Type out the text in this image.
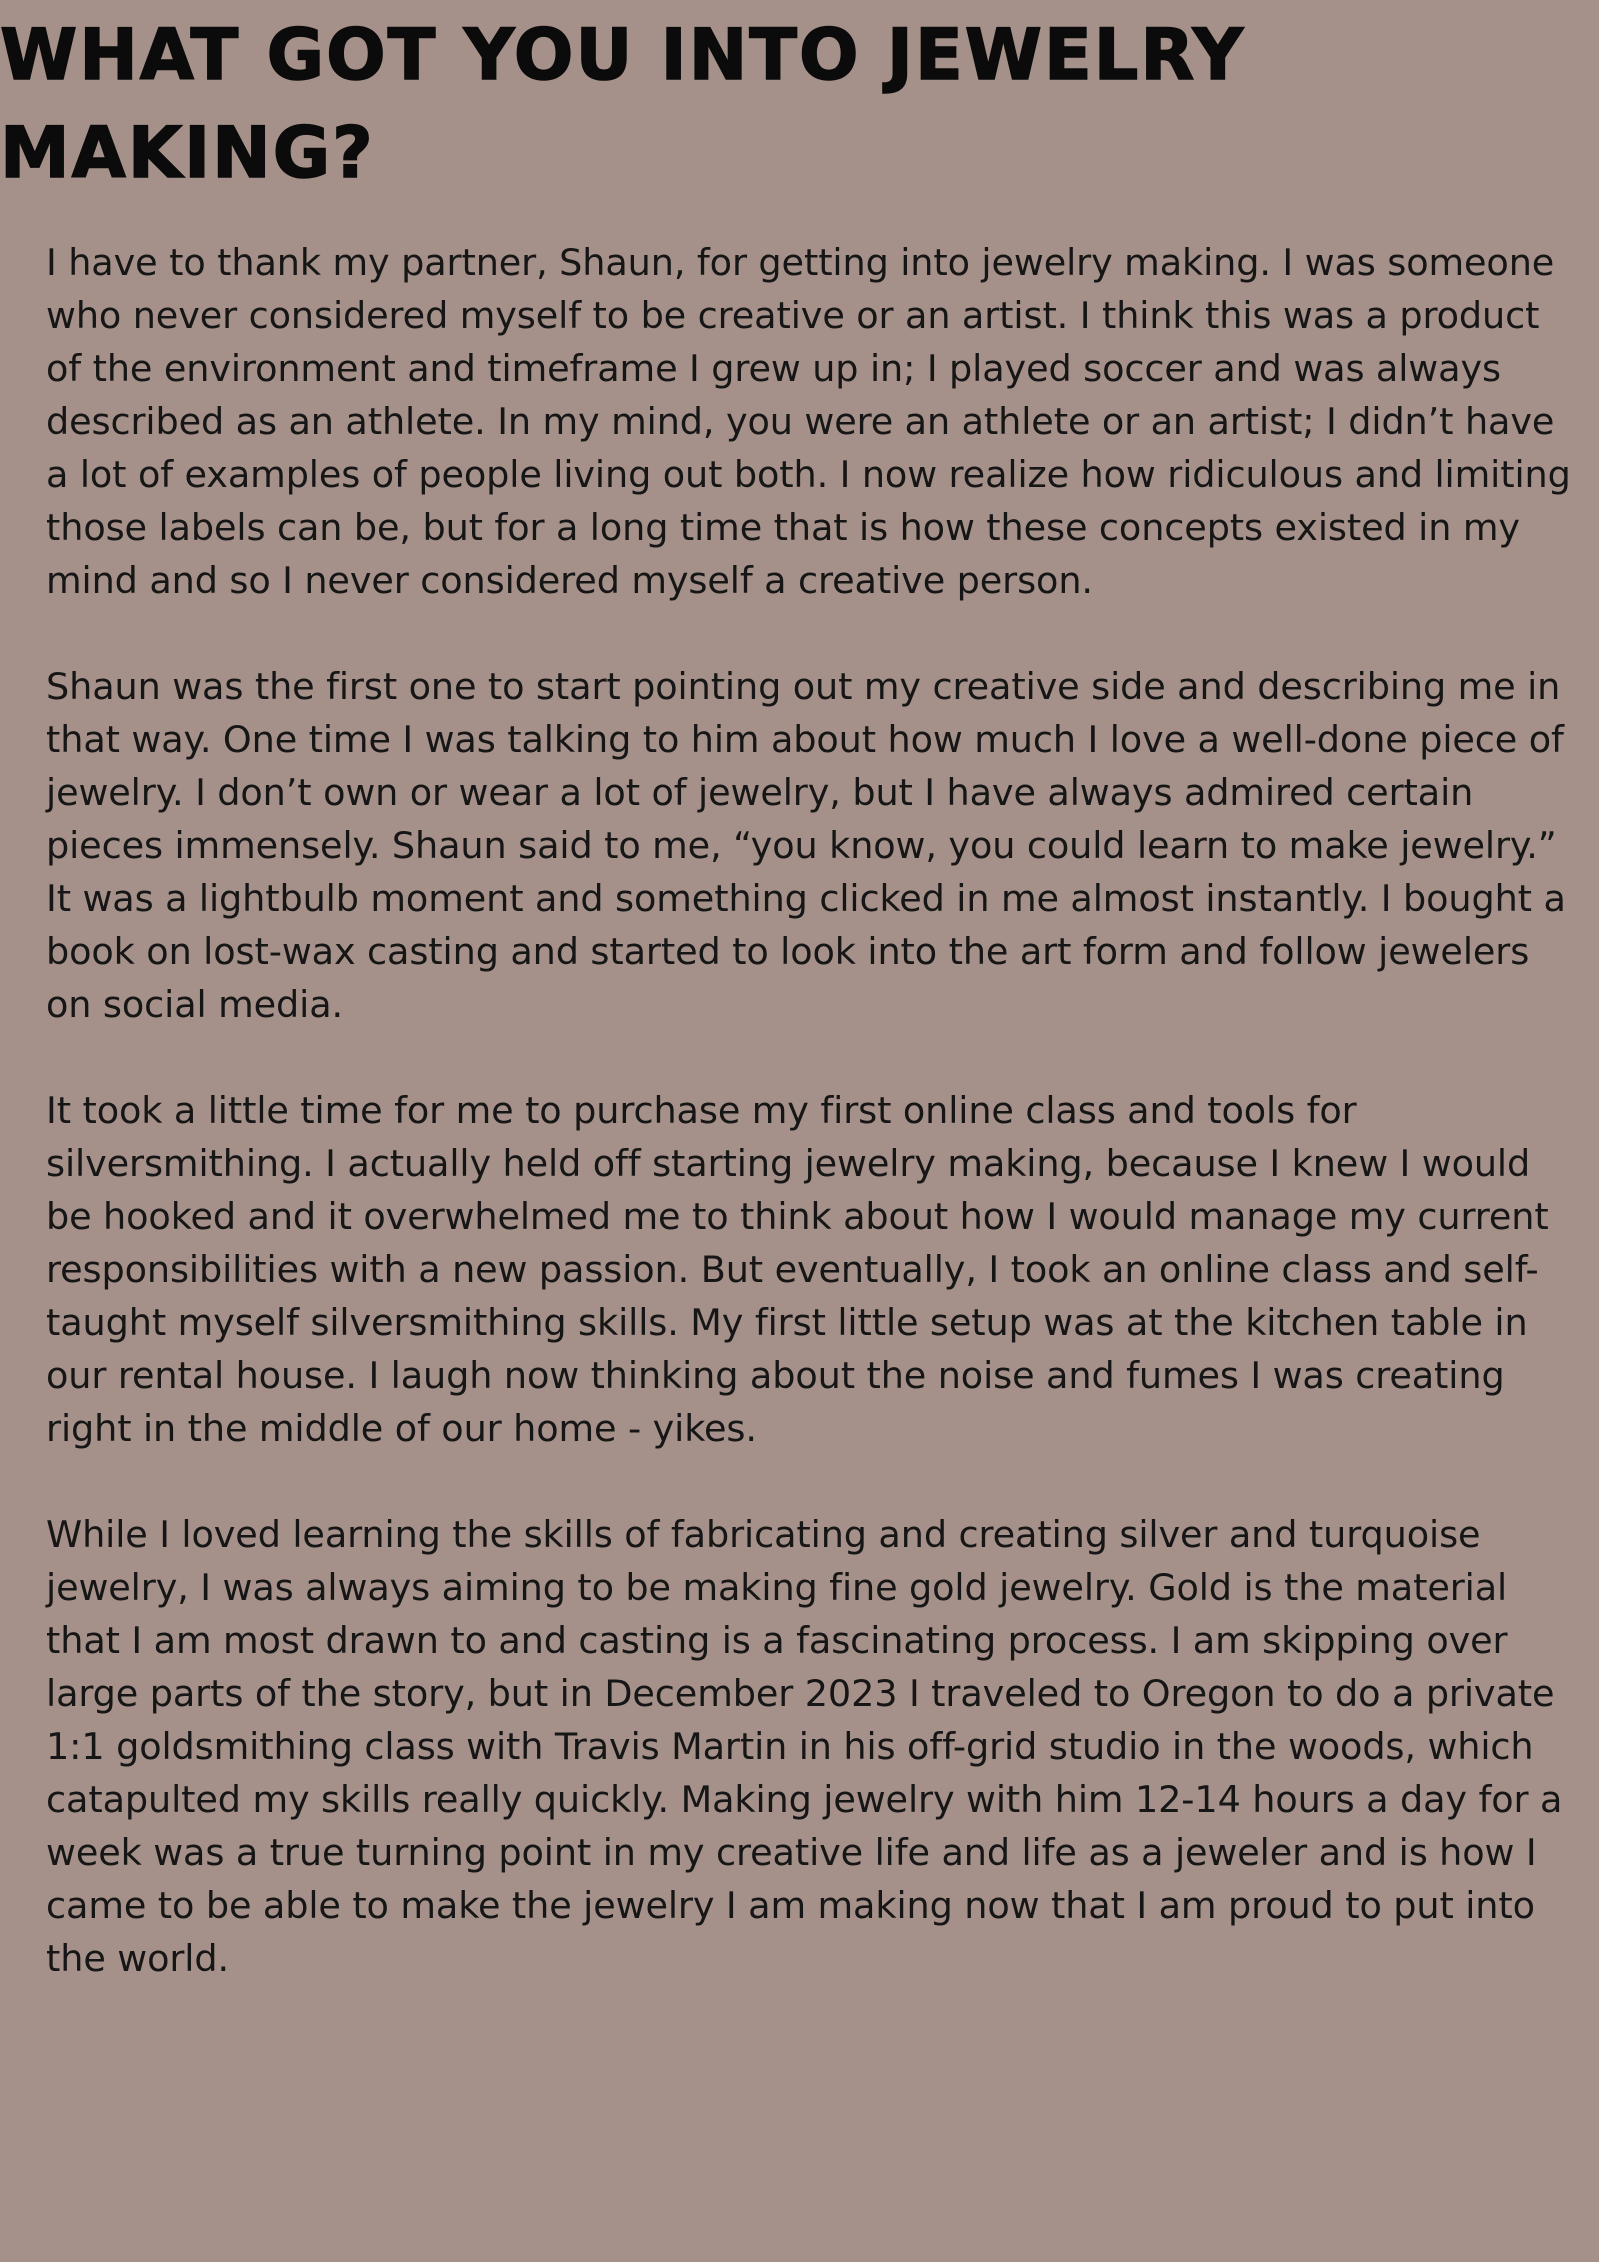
WHAT GOT YOU INTO JEWELRY MAKING?

I have to thank my partner, Shaun, for getting into jewelry making. I was someone who never considered myself to be creative or an artist. I think this was a product of the environment and timeframe I grew up in; I played soccer and was always described as an athlete. In my mind, you were an athlete or an artist; I didn’t have a lot of examples of people living out both. I now realize how ridiculous and limiting those labels can be, but for a long time that is how these concepts existed in my mind and so I never considered myself a creative person.

Shaun was the first one to start pointing out my creative side and describing me in that way. One time I was talking to him about how much I love a well-done piece of jewelry. I don’t own or wear a lot of jewelry, but I have always admired certain pieces immensely. Shaun said to me, “you know, you could learn to make jewelry.” It was a lightbulb moment and something clicked in me almost instantly. I bought a book on lost-wax casting and started to look into the art form and follow jewelers on social media.

It took a little time for me to purchase my first online class and tools for silversmithing. I actually held off starting jewelry making, because I knew I would be hooked and it overwhelmed me to think about how I would manage my current responsibilities with a new passion. But eventually, I took an online class and self-taught myself silversmithing skills. My first little setup was at the kitchen table in our rental house. I laugh now thinking about the noise and fumes I was creating right in the middle of our home - yikes.

While I loved learning the skills of fabricating and creating silver and turquoise jewelry, I was always aiming to be making fine gold jewelry. Gold is the material that I am most drawn to and casting is a fascinating process. I am skipping over large parts of the story, but in December 2023 I traveled to Oregon to do a private 1:1 goldsmithing class with Travis Martin in his off-grid studio in the woods, which catapulted my skills really quickly. Making jewelry with him 12-14 hours a day for a week was a true turning point in my creative life and life as a jeweler and is how I came to be able to make the jewelry I am making now that I am proud to put into the world.
